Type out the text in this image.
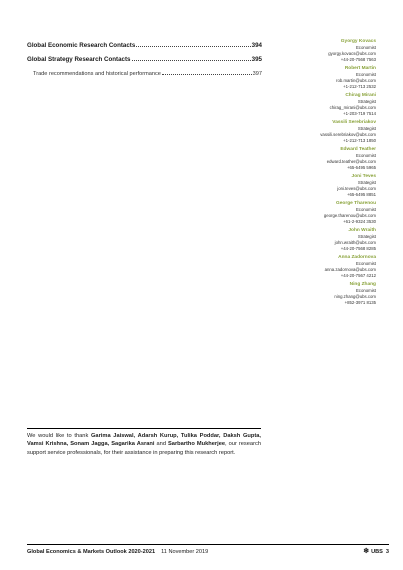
Global Economic Research Contacts	394
Global Strategy Research Contacts	395
Trade recommendations and historical performance	397
Gyorgy Kovacs
Economist
gyorgy.kovacs@ubs.com
+44-20-7568 7563
Robert Martin
Economist
rob.martin@ubs.com
+1-212-713 2532
Chirag Mirani
Strategist
chirag_mirani@ubs.com
+1-203-719 7514
Vassili Serebriakov
Strategist
vassili.serebriakov@ubs.com
+1-212-713 1850
Edward Teather
Economist
edward.teather@ubs.com
+65-6495 5965
Joni Teves
Strategist
joni.teves@ubs.com
+65-6495 8851
George Tharenou
Economist
george.tharenou@ubs.com
+61-2-9324 3530
John Wraith
Strategist
john.wraith@ubs.com
+44-20-7568 8285
Anna Zadornova
Economist
anna.zadornova@ubs.com
+44-20-7567 4212
Ning Zhang
Economist
ning.zhang@ubs.com
+852-3971 8135
We would like to thank Garima Jaiswal, Adarsh Kurup, Tulika Poddar, Daksh Gupta, Vamsi Krishna, Sonam Jagga, Sagarika Asrani and Sarbartho Mukherjee, our research support service professionals, for their assistance in preparing this research report.
Global Economics & Markets Outlook 2020-2021 11 November 2019	❄ UBS 3
